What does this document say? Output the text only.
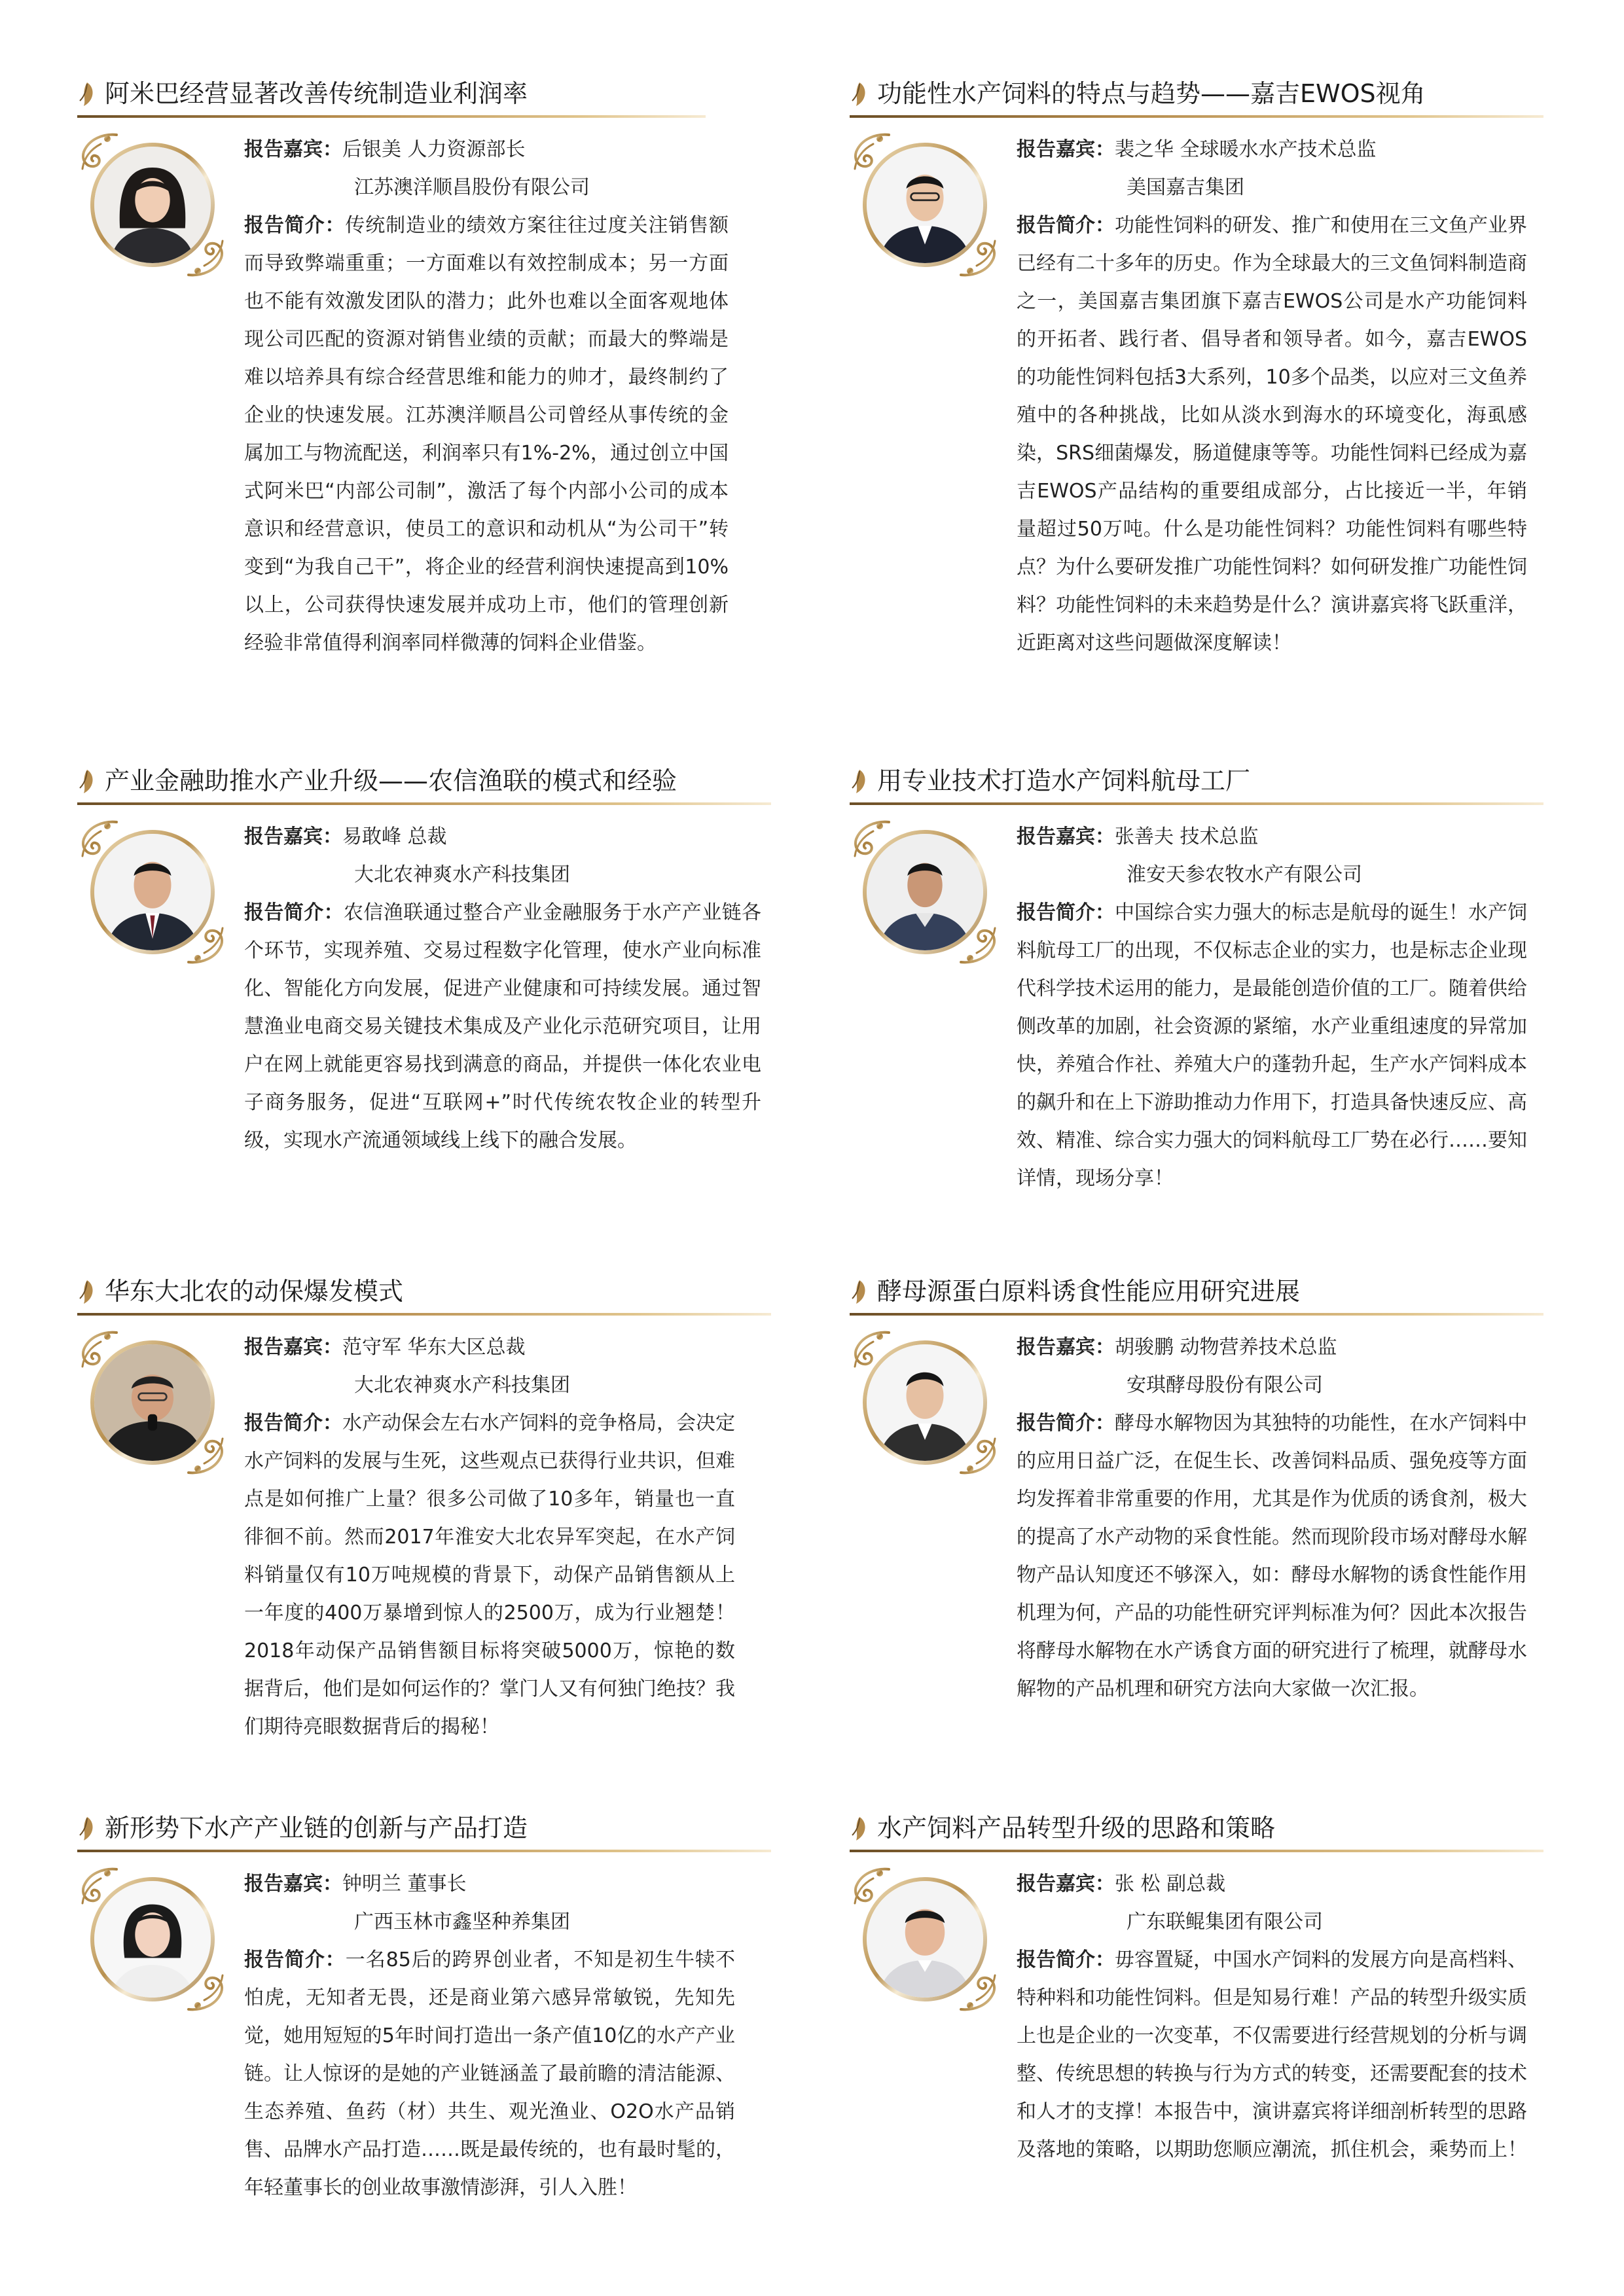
阿米巴经营显著改善传统制造业利润率
报告嘉宾：后银美 人力资源部长
江苏澳洋顺昌股份有限公司
报告简介：传统制造业的绩效方案往往过度关注销售额而导致弊端重重；一方面难以有效控制成本；另一方面也不能有效激发团队的潜力；此外也难以全面客观地体现公司匹配的资源对销售业绩的贡献；而最大的弊端是难以培养具有综合经营思维和能力的帅才，最终制约了企业的快速发展。江苏澳洋顺昌公司曾经从事传统的金属加工与物流配送，利润率只有1%-2%，通过创立中国式阿米巴“内部公司制”，激活了每个内部小公司的成本意识和经营意识，使员工的意识和动机从“为公司干”转变到“为我自己干”，将企业的经营利润快速提高到10%以上，公司获得快速发展并成功上市，他们的管理创新经验非常值得利润率同样微薄的饲料企业借鉴。
功能性水产饲料的特点与趋势——嘉吉EWOS视角
报告嘉宾：裴之华 全球暖水水产技术总监
美国嘉吉集团
报告简介：功能性饲料的研发、推广和使用在三文鱼产业界已经有二十多年的历史。作为全球最大的三文鱼饲料制造商之一，美国嘉吉集团旗下嘉吉EWOS公司是水产功能饲料的开拓者、践行者、倡导者和领导者。如今，嘉吉EWOS的功能性饲料包括3大系列，10多个品类，以应对三文鱼养殖中的各种挑战，比如从淡水到海水的环境变化，海虱感染，SRS细菌爆发，肠道健康等等。功能性饲料已经成为嘉吉EWOS产品结构的重要组成部分，占比接近一半，年销量超过50万吨。什么是功能性饲料？功能性饲料有哪些特点？为什么要研发推广功能性饲料？如何研发推广功能性饲料？功能性饲料的未来趋势是什么？演讲嘉宾将飞跃重洋，近距离对这些问题做深度解读！
产业金融助推水产业升级——农信渔联的模式和经验
报告嘉宾：易敢峰 总裁
大北农神爽水产科技集团
报告简介：农信渔联通过整合产业金融服务于水产产业链各个环节，实现养殖、交易过程数字化管理，使水产业向标准化、智能化方向发展，促进产业健康和可持续发展。通过智慧渔业电商交易关键技术集成及产业化示范研究项目，让用户在网上就能更容易找到满意的商品，并提供一体化农业电子商务服务，促进“互联网+”时代传统农牧企业的转型升级，实现水产流通领域线上线下的融合发展。
用专业技术打造水产饲料航母工厂
报告嘉宾：张善夫 技术总监
淮安天参农牧水产有限公司
报告简介：中国综合实力强大的标志是航母的诞生！水产饲料航母工厂的出现，不仅标志企业的实力，也是标志企业现代科学技术运用的能力，是最能创造价值的工厂。随着供给侧改革的加剧，社会资源的紧缩，水产业重组速度的异常加快，养殖合作社、养殖大户的蓬勃升起，生产水产饲料成本的飙升和在上下游助推动力作用下，打造具备快速反应、高效、精准、综合实力强大的饲料航母工厂势在必行……要知详情，现场分享！
华东大北农的动保爆发模式
报告嘉宾：范守军 华东大区总裁
大北农神爽水产科技集团
报告简介：水产动保会左右水产饲料的竞争格局，会决定水产饲料的发展与生死，这些观点已获得行业共识，但难点是如何推广上量？很多公司做了10多年，销量也一直徘徊不前。然而2017年淮安大北农异军突起，在水产饲料销量仅有10万吨规模的背景下，动保产品销售额从上一年度的400万暴增到惊人的2500万，成为行业翘楚！2018年动保产品销售额目标将突破5000万，惊艳的数据背后，他们是如何运作的？掌门人又有何独门绝技？我们期待亮眼数据背后的揭秘！
酵母源蛋白原料诱食性能应用研究进展
报告嘉宾：胡骏鹏 动物营养技术总监
安琪酵母股份有限公司
报告简介：酵母水解物因为其独特的功能性，在水产饲料中的应用日益广泛，在促生长、改善饲料品质、强免疫等方面均发挥着非常重要的作用，尤其是作为优质的诱食剂，极大的提高了水产动物的采食性能。然而现阶段市场对酵母水解物产品认知度还不够深入，如：酵母水解物的诱食性能作用机理为何，产品的功能性研究评判标准为何？因此本次报告将酵母水解物在水产诱食方面的研究进行了梳理，就酵母水解物的产品机理和研究方法向大家做一次汇报。
新形势下水产产业链的创新与产品打造
报告嘉宾：钟明兰 董事长
广西玉林市鑫坚种养集团
报告简介：一名85后的跨界创业者，不知是初生牛犊不怕虎，无知者无畏，还是商业第六感异常敏锐，先知先觉，她用短短的5年时间打造出一条产值10亿的水产产业链。让人惊讶的是她的产业链涵盖了最前瞻的清洁能源、生态养殖、鱼药（材）共生、观光渔业、O2O水产品销售、品牌水产品打造……既是最传统的，也有最时髦的，年轻董事长的创业故事激情澎湃，引人入胜！
水产饲料产品转型升级的思路和策略
报告嘉宾：张 松 副总裁
广东联鲲集团有限公司
报告简介：毋容置疑，中国水产饲料的发展方向是高档料、特种料和功能性饲料。但是知易行难！产品的转型升级实质上也是企业的一次变革，不仅需要进行经营规划的分析与调整、传统思想的转换与行为方式的转变，还需要配套的技术和人才的支撑！本报告中，演讲嘉宾将详细剖析转型的思路及落地的策略，以期助您顺应潮流，抓住机会，乘势而上！
